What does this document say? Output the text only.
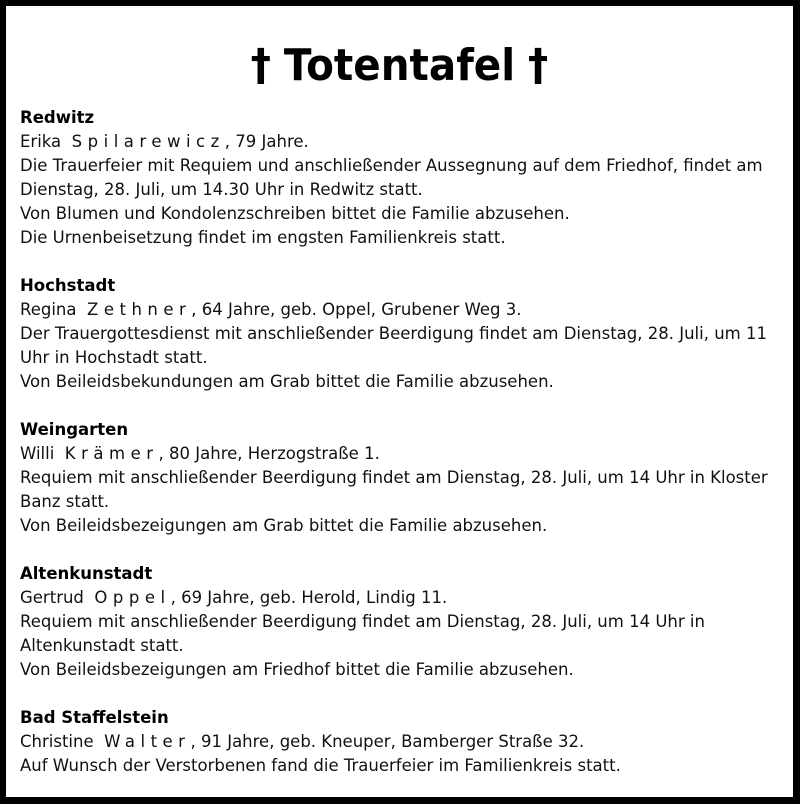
† Totentafel †
Redwitz
Erika Spilarewicz, 79 Jahre.
Die Trauerfeier mit Requiem und anschließender Aussegnung auf dem Friedhof, findet am
Dienstag, 28. Juli, um 14.30 Uhr in Redwitz statt.
Von Blumen und Kondolenzschreiben bittet die Familie abzusehen.
Die Urnenbeisetzung findet im engsten Familienkreis statt.
Hochstadt
Regina Zethner, 64 Jahre, geb. Oppel, Grubener Weg 3.
Der Trauergottesdienst mit anschließender Beerdigung findet am Dienstag, 28. Juli, um 11
Uhr in Hochstadt statt.
Von Beileidsbekundungen am Grab bittet die Familie abzusehen.
Weingarten
Willi Krämer, 80 Jahre, Herzogstraße 1.
Requiem mit anschließender Beerdigung findet am Dienstag, 28. Juli, um 14 Uhr in Kloster
Banz statt.
Von Beileidsbezeigungen am Grab bittet die Familie abzusehen.
Altenkunstadt
Gertrud Oppel, 69 Jahre, geb. Herold, Lindig 11.
Requiem mit anschließender Beerdigung findet am Dienstag, 28. Juli, um 14 Uhr in
Altenkunstadt statt.
Von Beileidsbezeigungen am Friedhof bittet die Familie abzusehen.
Bad Staffelstein
Christine Walter, 91 Jahre, geb. Kneuper, Bamberger Straße 32.
Auf Wunsch der Verstorbenen fand die Trauerfeier im Familienkreis statt.
